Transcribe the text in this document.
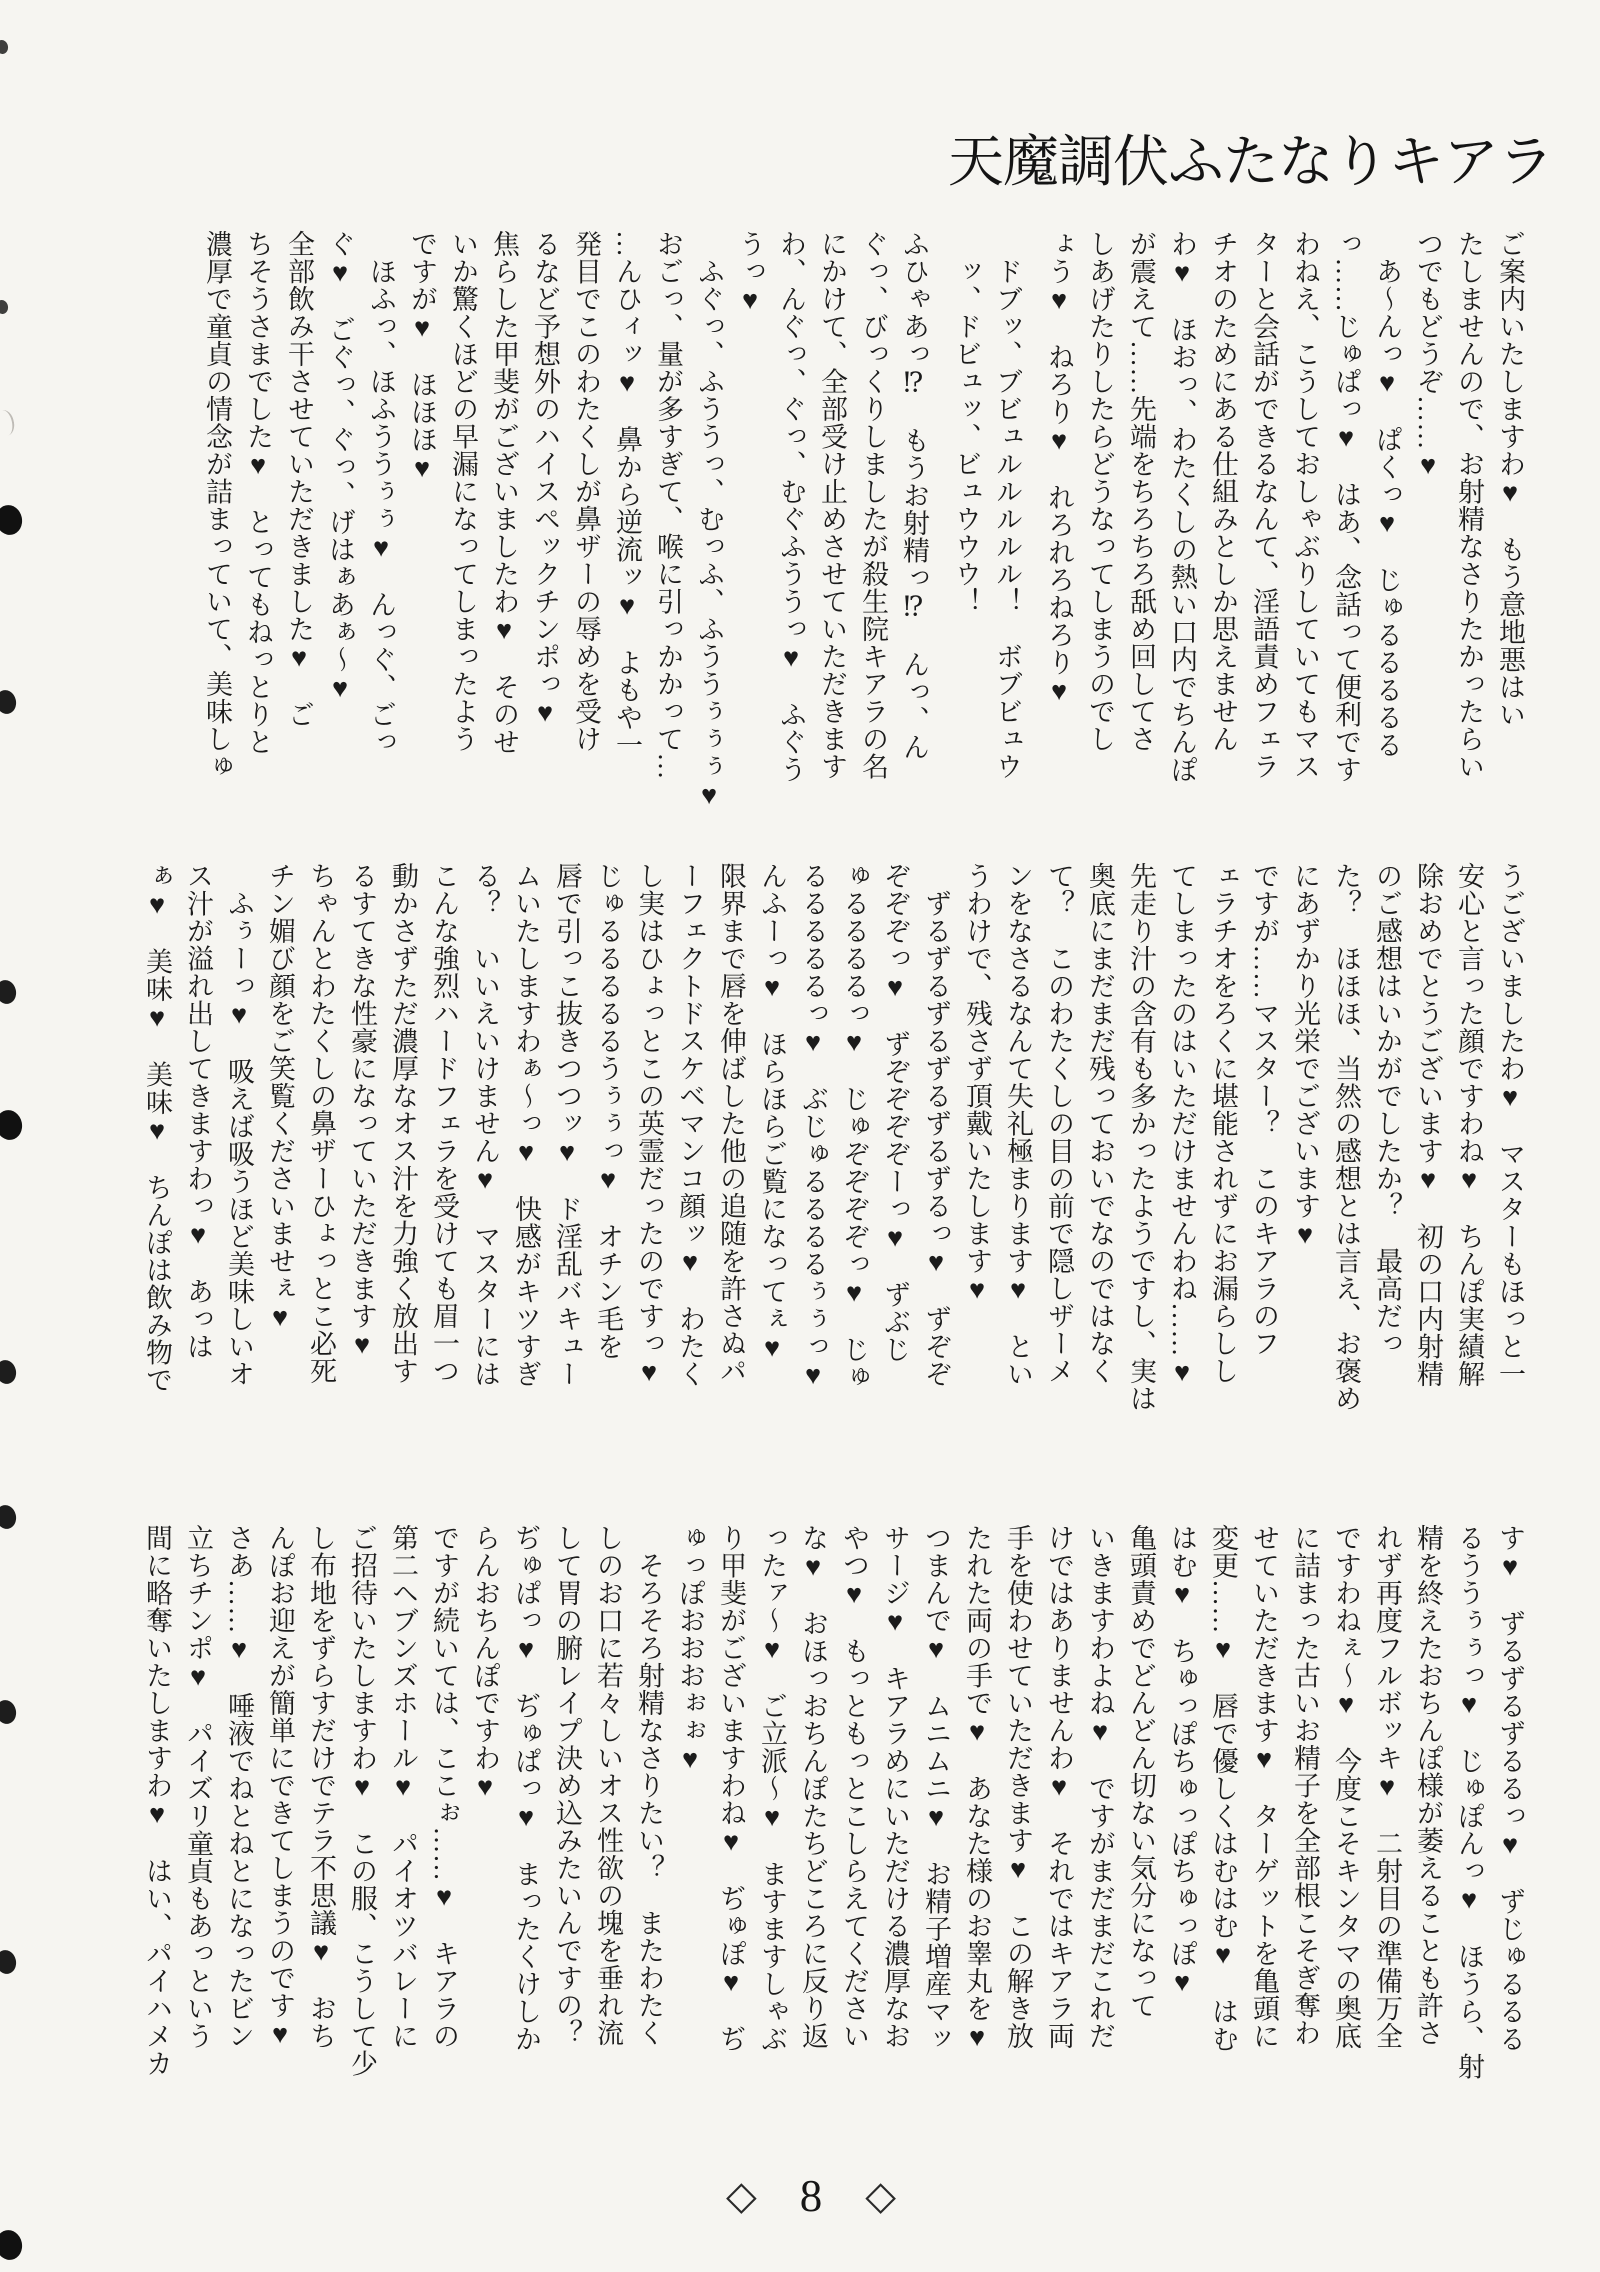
天魔調伏ふたなりキアラ
ご案内いたしますわ♥　もう意地悪はい
たしませんので、お射精なさりたかったらい
つでもどうぞ……♥
　あ～んっ♥　ぱくっ♥　じゅるるるるる
っ……じゅぱっ♥　はあ、念話って便利です
わねえ、こうしておしゃぶりしていてもマス
ターと会話ができるなんて、淫語責めフェラ
チオのためにある仕組みとしか思えません
わ♥　ほおっ、わたくしの熱い口内でちんぽ
が震えて……先端をちろちろ舐め回してさ
しあげたりしたらどうなってしまうのでし
ょう♥　ねろり♥　れろれろねろり♥
　ドブッ、ブビュルルルルル！　ボブビュウ
　ッ、ドビュッ、ビュウウウ！
ふひゃあっ⁉　もうお射精っ⁉　んっ、ん
ぐっ、びっくりしましたが殺生院キアラの名
にかけて、全部受け止めさせていただきます
わ、んぐっ、ぐっ、むぐふううっ♥　ふぐう
うっ♥
　ふぐっ、ふううっ、むっふ、ふううぅぅぅ♥
おごっ、量が多すぎて、喉に引っかかって…
…んひィッ♥　鼻から逆流ッ♥　よもや一
発目でこのわたくしが鼻ザーの辱めを受け
るなど予想外のハイスペックチンポっ♥
焦らした甲斐がございましたわ♥　そのせ
いか驚くほどの早漏になってしまったよう
ですが♥　ほほほ♥
　ほふっ、ほふううぅぅ♥　んっぐ、ごっ
ぐ♥　ごぐっ、ぐっ、げはぁあぁ～♥
全部飲み干させていただきました♥　ご
ちそうさまでした♥　とってもねっとりと
濃厚で童貞の情念が詰まっていて、美味しゅ
うございましたわ♥　マスターもほっと一
安心と言った顔ですわね♥　ちんぽ実績解
除おめでとうございます♥　初の口内射精
のご感想はいかがでしたか？　最高だっ
た？　ほほほ、当然の感想とは言え、お褒め
にあずかり光栄でございます♥
ですが……マスター？　このキアラのフ
ェラチオをろくに堪能されずにお漏らしし
てしまったのはいただけませんわね……♥
先走り汁の含有も多かったようですし、実は
奥底にまだまだ残っておいでなのではなく
て？　このわたくしの目の前で隠しザーメ
ンをなさるなんて失礼極まります♥　とい
うわけで、残さず頂戴いたします♥
　ずるずるずるずるずるずるっ♥　ずぞぞ
ぞぞぞっ♥　ずぞぞぞぞーっ♥　ずぶじ
ゅるるるるっ♥　じゅぞぞぞぞっ♥　じゅ
るるるるるっ♥　ぶじゅるるるるぅぅっ♥
んふーっ♥　ほらほらご覧になってぇ♥
限界まで唇を伸ばした他の追随を許さぬパ
ーフェクトドスケベマンコ顔ッ♥　わたく
し実はひょっとこの英霊だったのですっ♥
じゅるるるるるうぅぅっ♥　オチン毛を
唇で引っこ抜きつつッ♥　ド淫乱バキュー
ムいたしますわぁ～っ♥　快感がキツすぎ
る？　いいえいけません♥　マスターには
こんな強烈ハードフェラを受けても眉一つ
動かさずただ濃厚なオス汁を力強く放出す
るすてきな性豪になっていただきます♥
ちゃんとわたくしの鼻ザーひょっとこ必死
チン媚び顔をご笑覧くださいませぇ♥
　ふぅーっ♥　吸えば吸うほど美味しいオ
ス汁が溢れ出してきますわっ♥　あっは
ぁ♥　美味♥　美味♥　ちんぽは飲み物で
す♥　ずるずるずるるっ♥　ずじゅるるる
るううぅぅっ♥　じゅぽんっ♥　ほうら、射
精を終えたおちんぽ様が萎えることも許さ
れず再度フルボッキ♥　二射目の準備万全
ですわねぇ～♥　今度こそキンタマの奥底
に詰まった古いお精子を全部根こそぎ奪わ
せていただきます♥　ターゲットを亀頭に
変更……♥　唇で優しくはむはむ♥　はむ
はむ♥　ちゅっぽちゅっぽちゅっぽ♥
亀頭責めでどんどん切ない気分になって
いきますわよね♥　ですがまだまだこれだ
けではありませんわ♥　それではキアラ両
手を使わせていただきます♥　この解き放
たれた両の手で♥　あなた様のお睾丸を♥
つまんで♥　ムニムニ♥　お精子増産マッ
サージ♥　キアラめにいただける濃厚なお
やつ♥　もっともっとこしらえてください
な♥　おほっおちんぽたちどころに反り返
ったァ～♥　ご立派～♥　ますますしゃぶ
り甲斐がございますわね♥　ぢゅぽ♥　ぢ
ゅっぽおおおぉぉ♥
　そろそろ射精なさりたい？　またわたく
しのお口に若々しいオス性欲の塊を垂れ流
して胃の腑レイプ決め込みたいんですの？
ぢゅぱっ♥　ぢゅぱっ♥　まったくけしか
らんおちんぽですわ♥
ですが続いては、ここぉ……♥　キアラの
第二ヘブンズホール♥　パイオツバレーに
ご招待いたしますわ♥　この服、こうして少
し布地をずらすだけでテラ不思議♥　おち
んぽお迎えが簡単にできてしまうのです♥
さあ……♥　唾液でねとねとになったビン
立ちチンポ♥　パイズリ童貞もあっという
間に略奪いたしますわ♥　はい、パイハメカ
◇ 8 ◇
